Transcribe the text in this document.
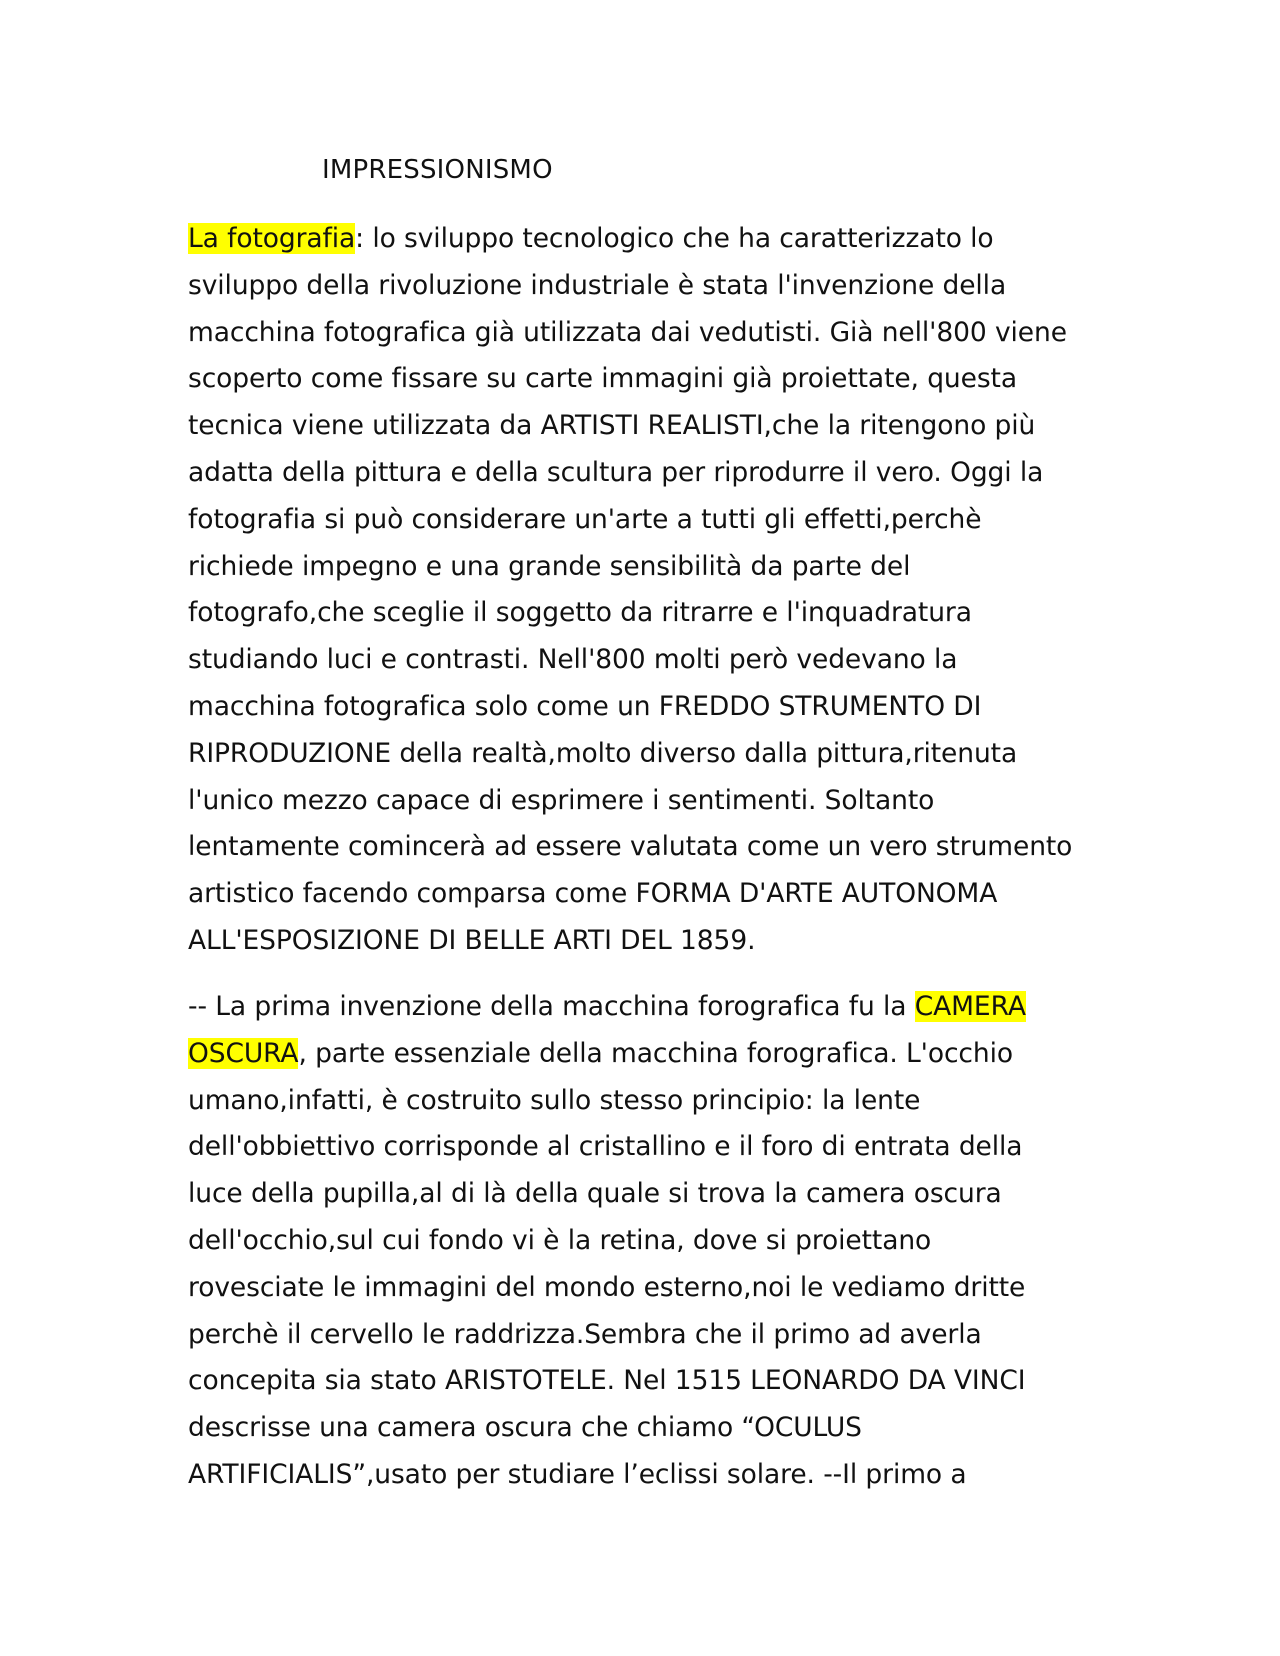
IMPRESSIONISMO
La fotografia: lo sviluppo tecnologico che ha caratterizzato lo
sviluppo della rivoluzione industriale è stata l'invenzione della
macchina fotografica già utilizzata dai vedutisti. Già nell'800 viene
scoperto come fissare su carte immagini già proiettate, questa
tecnica viene utilizzata da ARTISTI REALISTI,che la ritengono più
adatta della pittura e della scultura per riprodurre il vero. Oggi la
fotografia si può considerare un'arte a tutti gli effetti,perchè
richiede impegno e una grande sensibilità da parte del
fotografo,che sceglie il soggetto da ritrarre e l'inquadratura
studiando luci e contrasti. Nell'800 molti però vedevano la
macchina fotografica solo come un FREDDO STRUMENTO DI
RIPRODUZIONE della realtà,molto diverso dalla pittura,ritenuta
l'unico mezzo capace di esprimere i sentimenti. Soltanto
lentamente comincerà ad essere valutata come un vero strumento
artistico facendo comparsa come FORMA D'ARTE AUTONOMA
ALL'ESPOSIZIONE DI BELLE ARTI DEL 1859.
-- La prima invenzione della macchina forografica fu la CAMERA
OSCURA, parte essenziale della macchina forografica. L'occhio
umano,infatti, è costruito sullo stesso principio: la lente
dell'obbiettivo corrisponde al cristallino e il foro di entrata della
luce della pupilla,al di là della quale si trova la camera oscura
dell'occhio,sul cui fondo vi è la retina, dove si proiettano
rovesciate le immagini del mondo esterno,noi le vediamo dritte
perchè il cervello le raddrizza.Sembra che il primo ad averla
concepita sia stato ARISTOTELE. Nel 1515 LEONARDO DA VINCI
descrisse una camera oscura che chiamo “OCULUS
ARTIFICIALIS”,usato per studiare l’eclissi solare. --Il primo a
